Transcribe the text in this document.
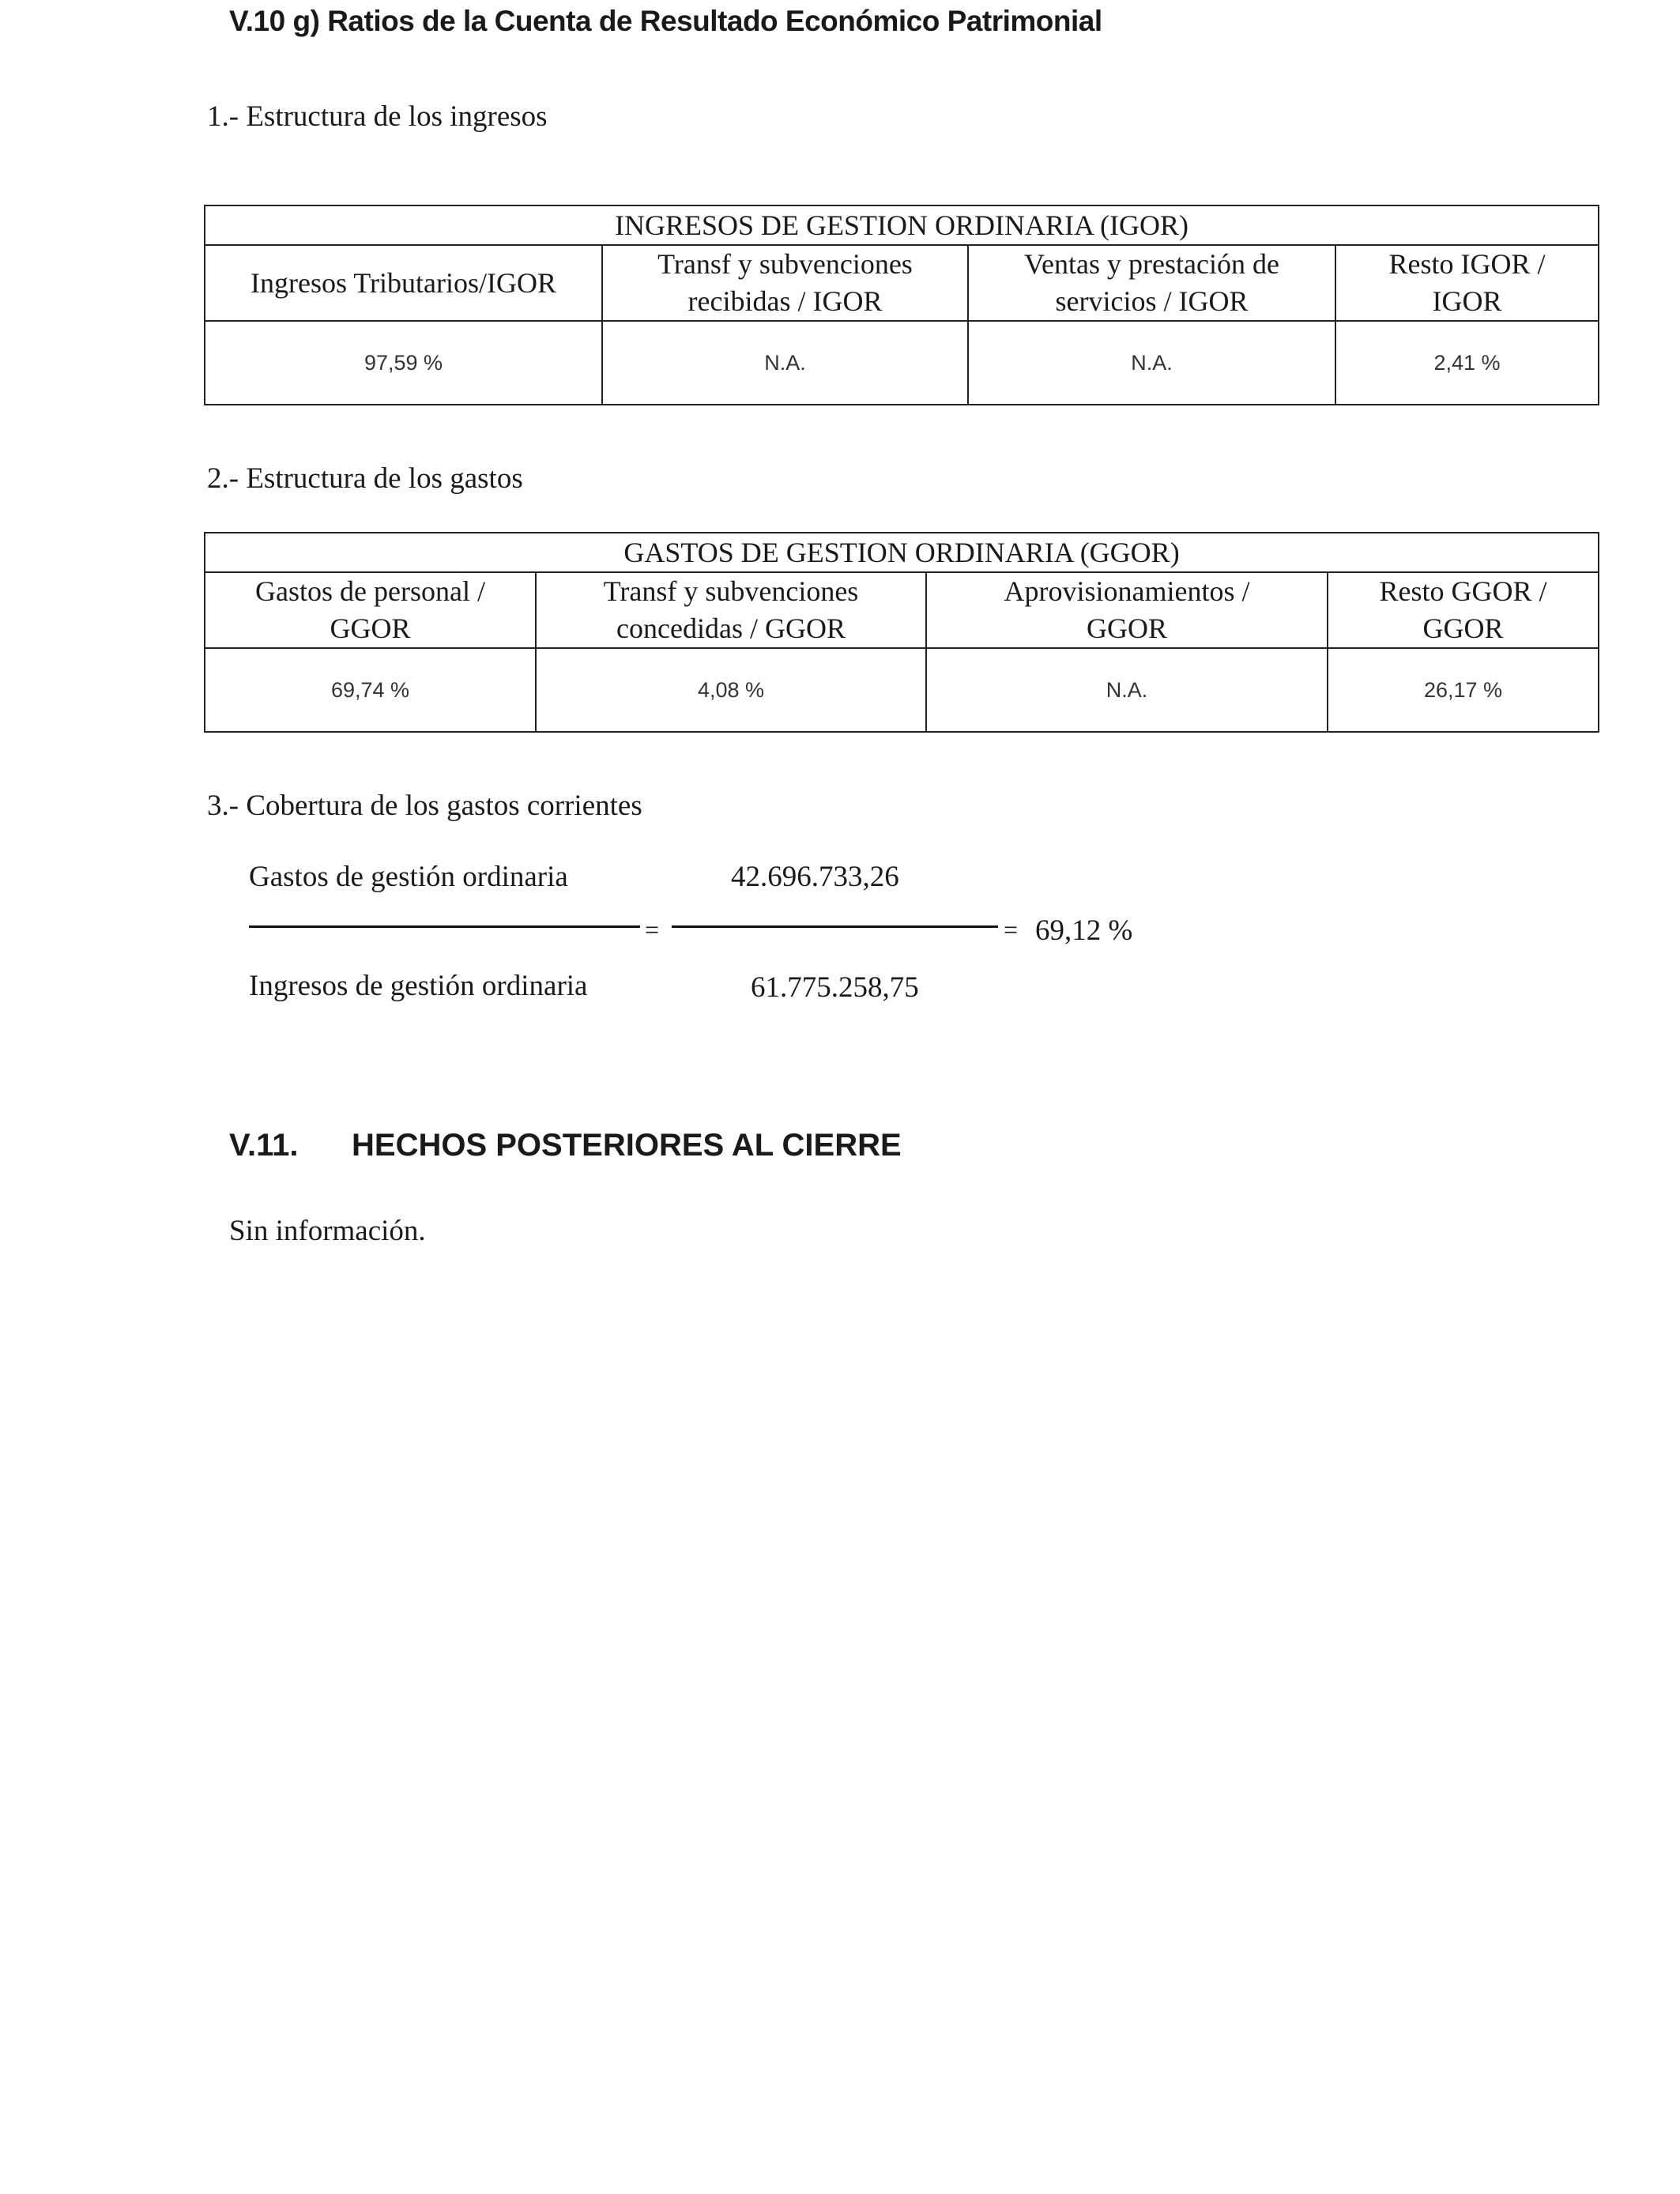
V.10 g) Ratios de la Cuenta de Resultado Económico Patrimonial
1.- Estructura de los ingresos
INGRESOS DE GESTION ORDINARIA (IGOR)			
Ingresos Tributarios/IGOR	Transf y subvenciones recibidas / IGOR	Ventas y prestación de servicios / IGOR	Resto IGOR / IGOR
97,59 %	N.A.	N.A.	2,41 %
2.- Estructura de los gastos
GASTOS DE GESTION ORDINARIA (GGOR)			
Gastos de personal / GGOR	Transf y subvenciones concedidas / GGOR	Aprovisionamientos / GGOR	Resto GGOR / GGOR
69,74 %	4,08 %	N.A.	26,17 %
3.- Cobertura de los gastos corrientes
Gastos de gestión ordinaria	42.696.733,26
=	= 69,12 %
Ingresos de gestión ordinaria	61.775.258,75
V.11. HECHOS POSTERIORES AL CIERRE
Sin información.
